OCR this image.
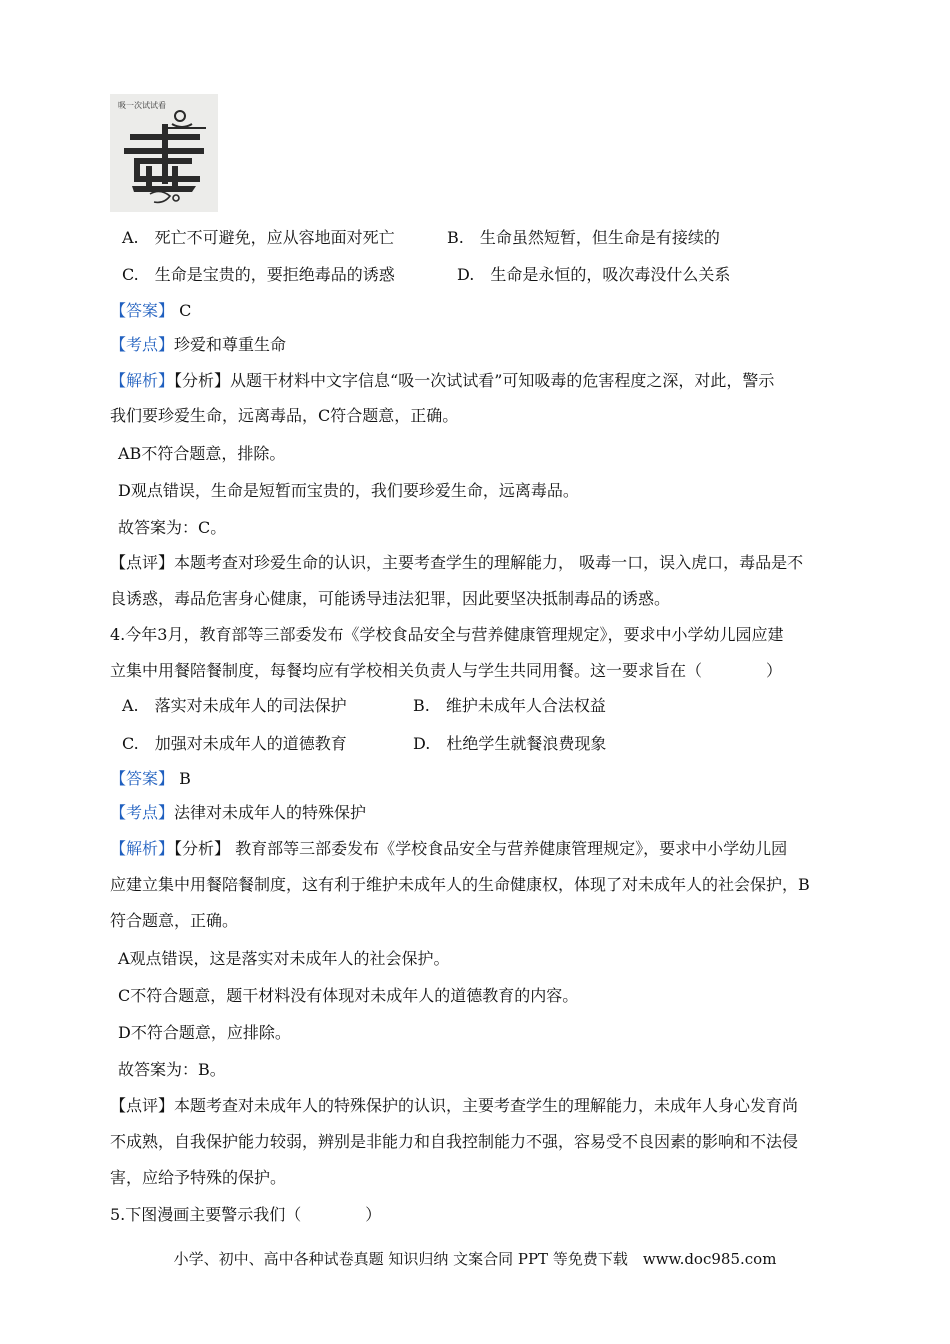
吸一次试试看
A.　死亡不可避免，应从容地面对死亡	B.　生命虽然短暂，但生命是有接续的
C.　生命是宝贵的，要拒绝毒品的诱惑	D.　生命是永恒的，吸次毒没什么关系
【答案】 C
【考点】珍爱和尊重生命
【解析】【分析】从题干材料中文字信息“吸一次试试看”可知吸毒的危害程度之深，对此，警示
我们要珍爱生命，远离毒品，C符合题意，正确。
AB不符合题意，排除。
D观点错误，生命是短暂而宝贵的，我们要珍爱生命，远离毒品。
故答案为：C。
【点评】本题考查对珍爱生命的认识，主要考查学生的理解能力， 吸毒一口，误入虎口，毒品是不
良诱惑，毒品危害身心健康，可能诱导违法犯罪，因此要坚决抵制毒品的诱惑。
4.今年3月，教育部等三部委发布《学校食品安全与营养健康管理规定》，要求中小学幼儿园应建
立集中用餐陪餐制度，每餐均应有学校相关负责人与学生共同用餐。这一要求旨在（　　　　）
A.　落实对未成年人的司法保护	B.　维护未成年人合法权益
C.　加强对未成年人的道德教育	D.　杜绝学生就餐浪费现象
【答案】 B
【考点】法律对未成年人的特殊保护
【解析】【分析】 教育部等三部委发布《学校食品安全与营养健康管理规定》，要求中小学幼儿园
应建立集中用餐陪餐制度，这有利于维护未成年人的生命健康权，体现了对未成年人的社会保护，B
符合题意，正确。
A观点错误，这是落实对未成年人的社会保护。
C不符合题意，题干材料没有体现对未成年人的道德教育的内容。
D不符合题意，应排除。
故答案为：B。
【点评】本题考查对未成年人的特殊保护的认识，主要考查学生的理解能力，未成年人身心发育尚
不成熟，自我保护能力较弱，辨别是非能力和自我控制能力不强，容易受不良因素的影响和不法侵
害，应给予特殊的保护。
5.下图漫画主要警示我们（　　　　）
小学、初中、高中各种试卷真题 知识归纳 文案合同 PPT 等免费下载　www.doc985.com
